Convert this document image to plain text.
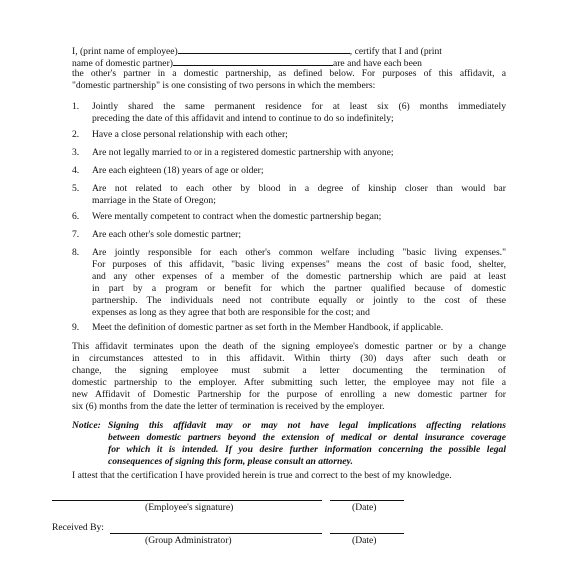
I, (print name of employee)	, certify that I and (print
name of domestic partner)	are and have each been
the other's partner in a domestic partnership, as defined below. For purposes of this affidavit, a
"domestic partnership" is one consisting of two persons in which the members:
1. Jointly shared the same permanent residence for at least six (6) months immediately
preceding the date of this affidavit and intend to continue to do so indefinitely;
2. Have a close personal relationship with each other;
3. Are not legally married to or in a registered domestic partnership with anyone;
4. Are each eighteen (18) years of age or older;
5. Are not related to each other by blood in a degree of kinship closer than would bar
marriage in the State of Oregon;
6. Were mentally competent to contract when the domestic partnership began;
7. Are each other's sole domestic partner;
8. Are jointly responsible for each other's common welfare including "basic living expenses."
For purposes of this affidavit, "basic living expenses" means the cost of basic food, shelter,
and any other expenses of a member of the domestic partnership which are paid at least
in part by a program or benefit for which the partner qualified because of domestic
partnership. The individuals need not contribute equally or jointly to the cost of these
expenses as long as they agree that both are responsible for the cost; and
9. Meet the definition of domestic partner as set forth in the Member Handbook, if applicable.
This affidavit terminates upon the death of the signing employee's domestic partner or by a change
in circumstances attested to in this affidavit. Within thirty (30) days after such death or
change, the signing employee must submit a letter documenting the termination of
domestic partnership to the employer. After submitting such letter, the employee may not file a
new Affidavit of Domestic Partnership for the purpose of enrolling a new domestic partner for
six (6) months from the date the letter of termination is received by the employer.
Notice: Signing this affidavit may or may not have legal implications affecting relations
between domestic partners beyond the extension of medical or dental insurance coverage
for which it is intended. If you desire further information concerning the possible legal
consequences of signing this form, please consult an attorney.
I attest that the certification I have provided herein is true and correct to the best of my knowledge.
(Employee's signature)	(Date)
Received By:
(Group Administrator)	(Date)
